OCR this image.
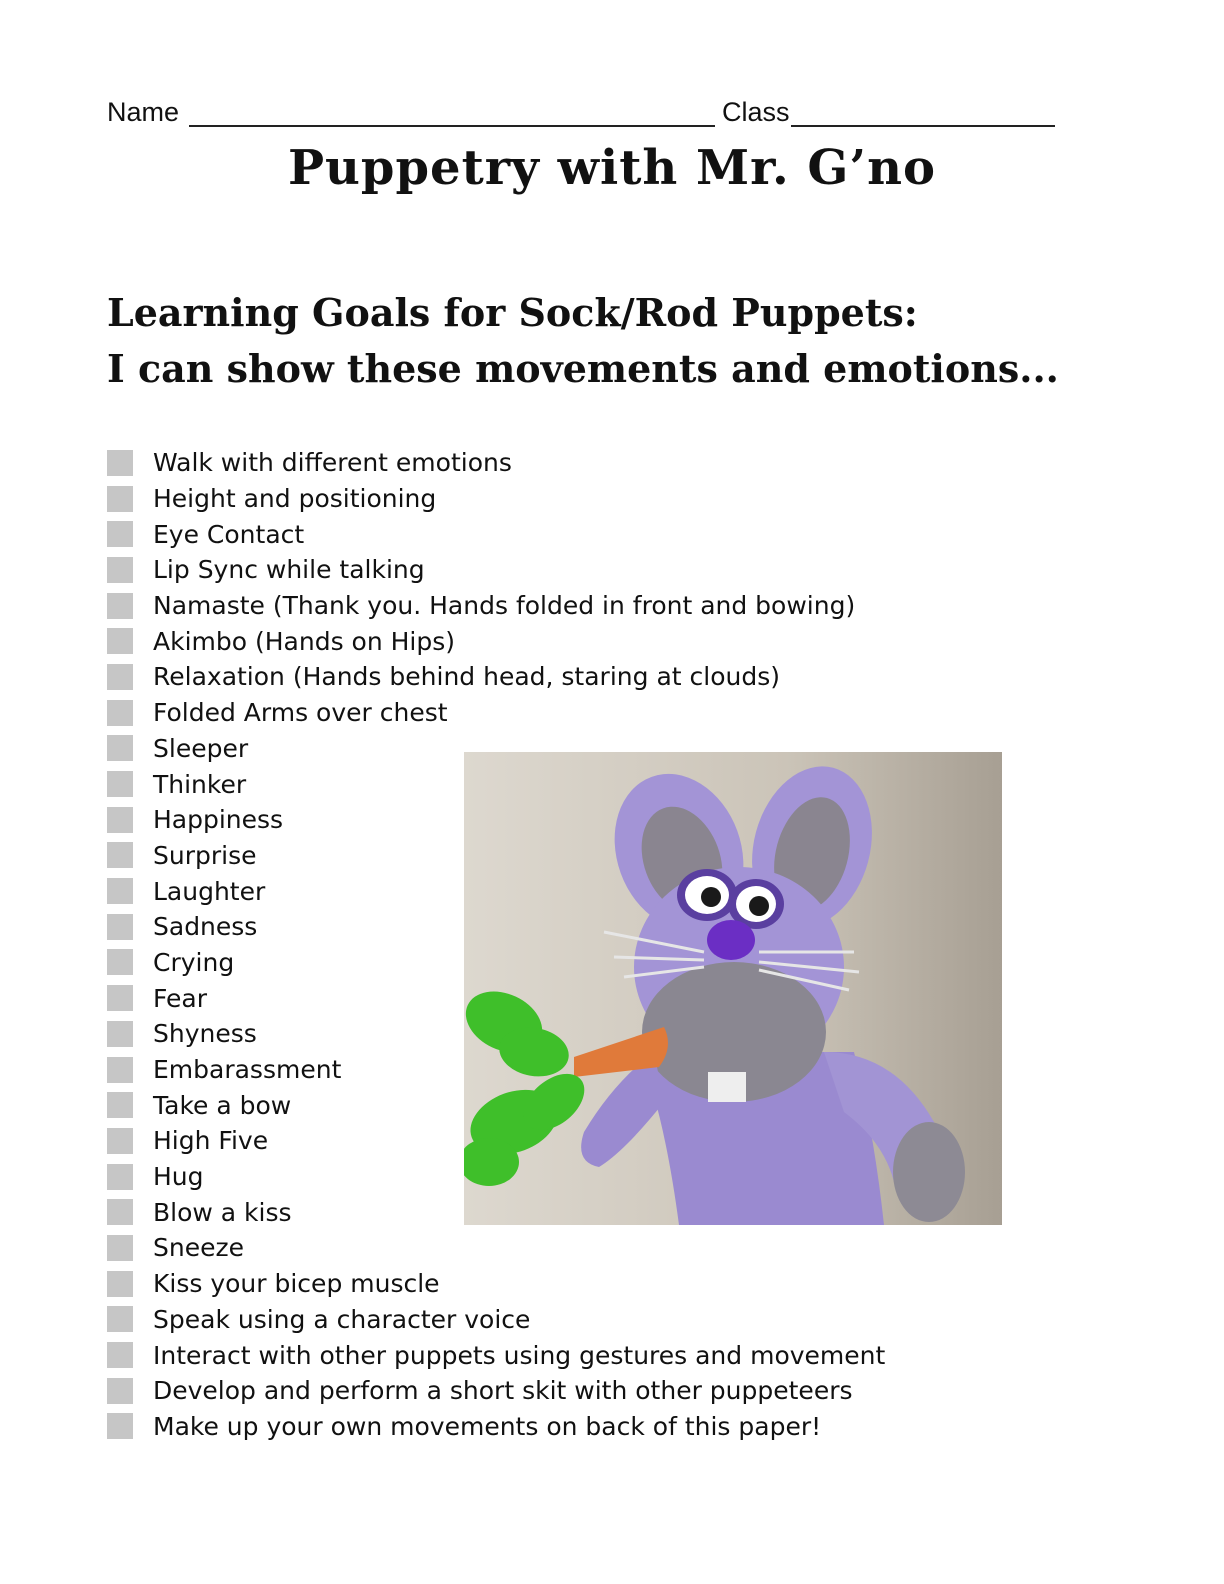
Name	Class
Puppetry with Mr. G’no
Learning Goals for Sock/Rod Puppets:
I can show these movements and emotions...
Walk with different emotions
Height and positioning
Eye Contact
Lip Sync while talking
Namaste (Thank you. Hands folded in front and bowing)
Akimbo (Hands on Hips)
Relaxation (Hands behind head, staring at clouds)
Folded Arms over chest
Sleeper
Thinker
Happiness
Surprise
Laughter
Sadness
Crying
Fear
Shyness
Embarassment
Take a bow
High Five
Hug
Blow a kiss
Sneeze
Kiss your bicep muscle
Speak using a character voice
Interact with other puppets using gestures and movement
Develop and perform a short skit with other puppeteers
Make up your own movements on back of this paper!
